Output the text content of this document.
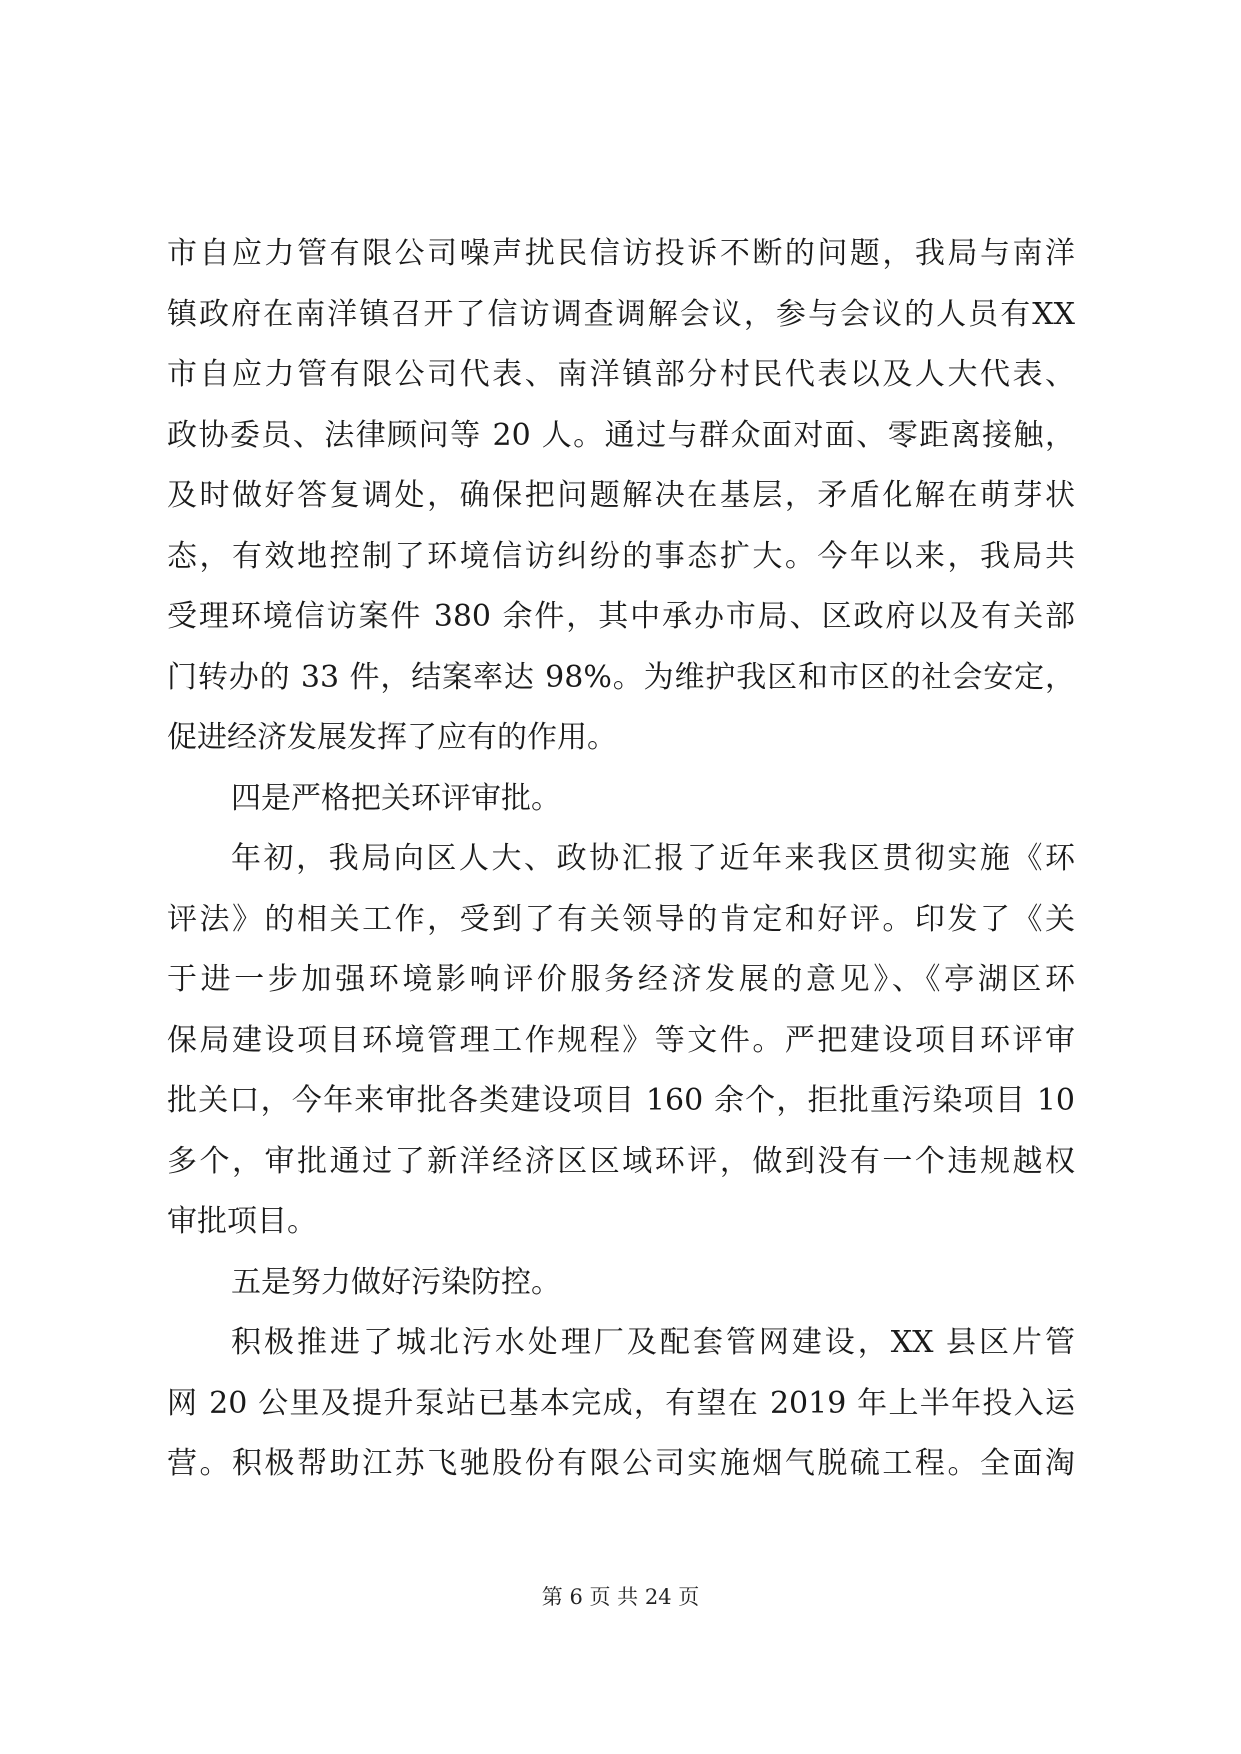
市自应力管有限公司噪声扰民信访投诉不断的问题，我局与南洋
镇政府在南洋镇召开了信访调查调解会议，参与会议的人员有XX
市自应力管有限公司代表、南洋镇部分村民代表以及人大代表、
政协委员、法律顾问等 20 人。通过与群众面对面、零距离接触，
及时做好答复调处，确保把问题解决在基层，矛盾化解在萌芽状
态，有效地控制了环境信访纠纷的事态扩大。今年以来，我局共
受理环境信访案件 380 余件，其中承办市局、区政府以及有关部
门转办的 33 件，结案率达 98%。为维护我区和市区的社会安定，
促进经济发展发挥了应有的作用。
四是严格把关环评审批。
年初，我局向区人大、政协汇报了近年来我区贯彻实施《环
评法》的相关工作，受到了有关领导的肯定和好评。印发了《关
于进一步加强环境影响评价服务经济发展的意见》、《亭湖区环
保局建设项目环境管理工作规程》等文件。严把建设项目环评审
批关口，今年来审批各类建设项目 160 余个，拒批重污染项目 10
多个，审批通过了新洋经济区区域环评，做到没有一个违规越权
审批项目。
五是努力做好污染防控。
积极推进了城北污水处理厂及配套管网建设，XX 县区片管
网 20 公里及提升泵站已基本完成，有望在 2019 年上半年投入运
营。积极帮助江苏飞驰股份有限公司实施烟气脱硫工程。全面淘
第 6 页 共 24 页
